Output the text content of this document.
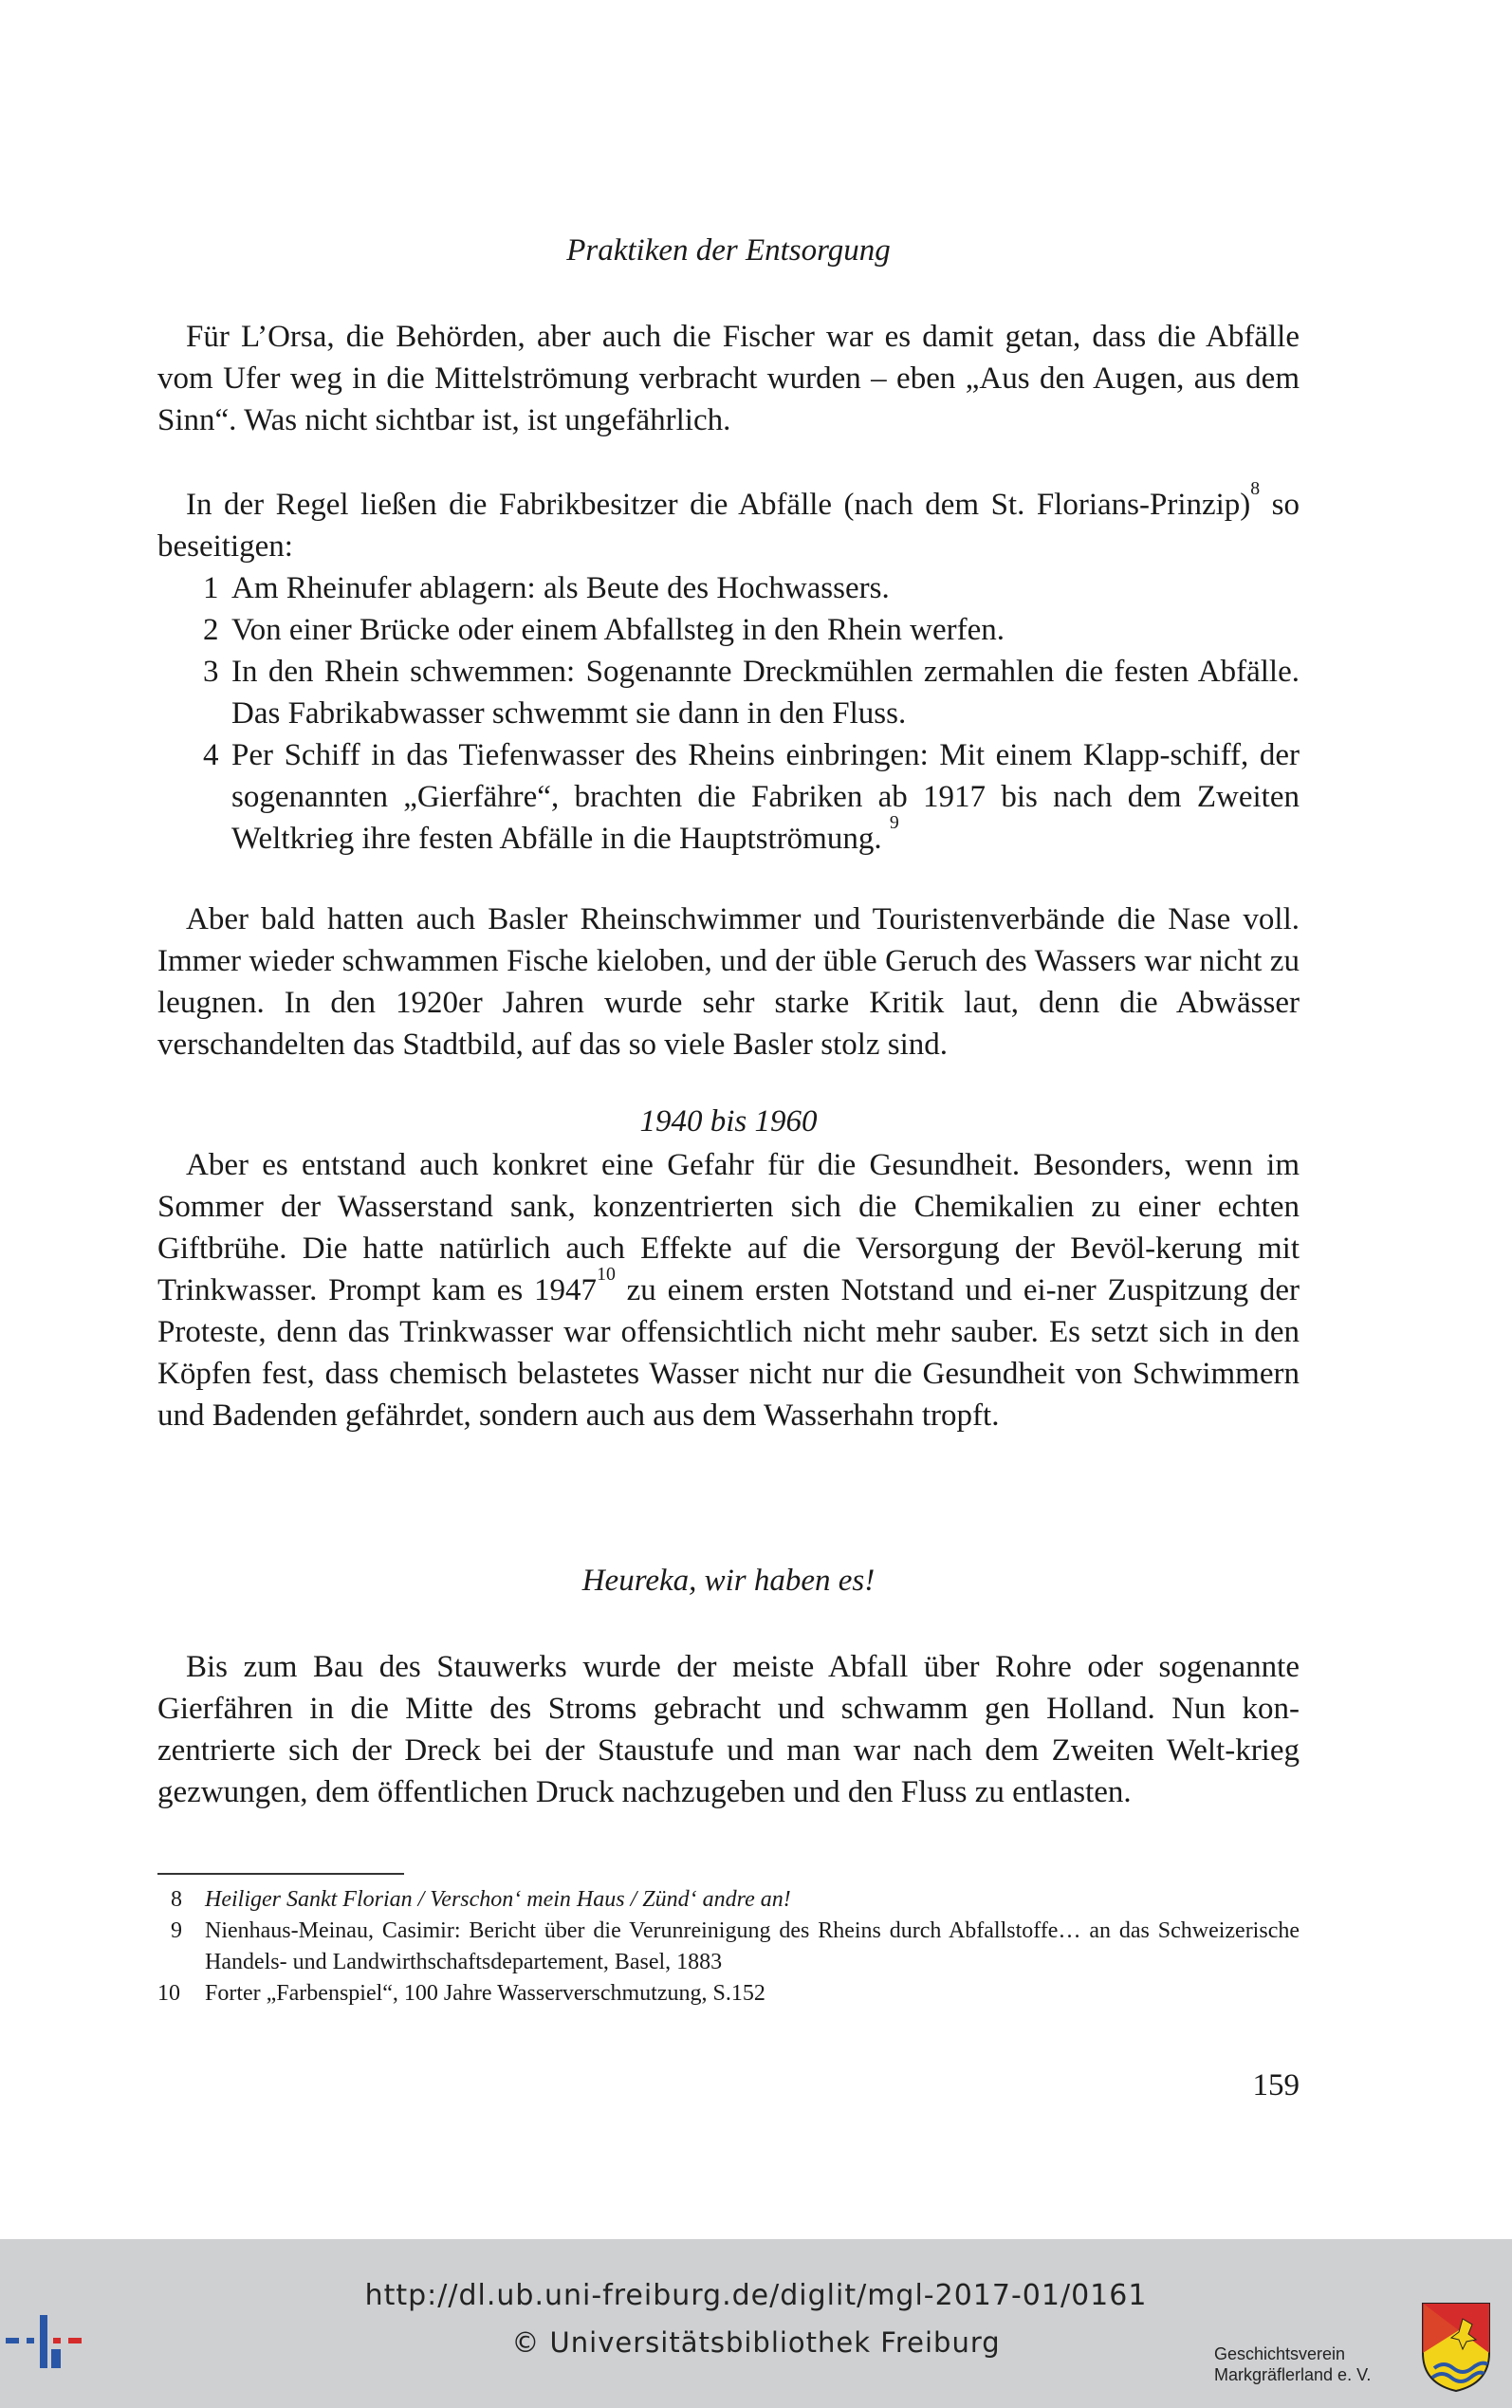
Praktiken der Entsorgung
Für L’Orsa, die Behörden, aber auch die Fischer war es damit getan, dass die Abfälle vom Ufer weg in die Mittelströmung verbracht wurden – eben „Aus den Augen, aus dem Sinn“. Was nicht sichtbar ist, ist ungefährlich.
In der Regel ließen die Fabrikbesitzer die Abfälle (nach dem St. Florians-Prinzip)$^8$ so beseitigen:
1 Am Rheinufer ablagern: als Beute des Hochwassers.
2 Von einer Brücke oder einem Abfallsteg in den Rhein werfen.
3 In den Rhein schwemmen: Sogenannte Dreckmühlen zermahlen die festen Abfälle. Das Fabrikabwasser schwemmt sie dann in den Fluss.
4 Per Schiff in das Tiefenwasser des Rheins einbringen: Mit einem Klapp-schiff, der sogenannten „Gierfähre“, brachten die Fabriken ab 1917 bis nach dem Zweiten Weltkrieg ihre festen Abfälle in die Hauptströmung. $^9$
Aber bald hatten auch Basler Rheinschwimmer und Touristenverbände die Nase voll. Immer wieder schwammen Fische kieloben, und der üble Geruch des Wassers war nicht zu leugnen. In den 1920er Jahren wurde sehr starke Kritik laut, denn die Abwässer verschandelten das Stadtbild, auf das so viele Basler stolz sind.
1940 bis 1960
Aber es entstand auch konkret eine Gefahr für die Gesundheit. Besonders, wenn im Sommer der Wasserstand sank, konzentrierten sich die Chemikalien zu einer echten Giftbrühe. Die hatte natürlich auch Effekte auf die Versorgung der Bevöl-kerung mit Trinkwasser. Prompt kam es 1947$^{10}$ zu einem ersten Notstand und ei-ner Zuspitzung der Proteste, denn das Trinkwasser war offensichtlich nicht mehr sauber. Es setzt sich in den Köpfen fest, dass chemisch belastetes Wasser nicht nur die Gesundheit von Schwimmern und Badenden gefährdet, sondern auch aus dem Wasserhahn tropft.
Heureka, wir haben es!
Bis zum Bau des Stauwerks wurde der meiste Abfall über Rohre oder sogenannte Gierfähren in die Mitte des Stroms gebracht und schwamm gen Holland. Nun kon-zentrierte sich der Dreck bei der Staustufe und man war nach dem Zweiten Welt-krieg gezwungen, dem öffentlichen Druck nachzugeben und den Fluss zu entlasten.
8	Heiliger Sankt Florian / Verschon‘ mein Haus / Zünd‘ andre an!
9	Nienhaus-Meinau, Casimir: Bericht über die Verunreinigung des Rheins durch Abfallstoffe… an das Schweizerische Handels- und Landwirthschaftsdepartement, Basel, 1883
10	Forter „Farbenspiel“, 100 Jahre Wasserverschmutzung, S.152
159
http://dl.ub.uni-freiburg.de/diglit/mgl-2017-01/0161
© Universitätsbibliothek Freiburg	Geschichtsverein
Markgräflerland e. V.
